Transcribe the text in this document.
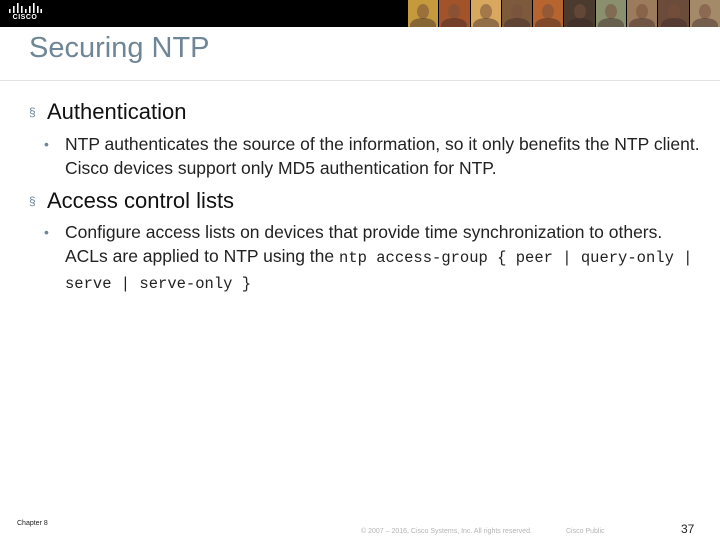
CISCO
Securing NTP
§ Authentication
• NTP authenticates the source of the information, so it only benefits the NTP client. Cisco devices support only MD5 authentication for NTP.
§ Access control lists
• Configure access lists on devices that provide time synchronization to others. ACLs are applied to NTP using the ntp access-group { peer | query-only | serve | serve-only }
Chapter 8
© 2007 – 2016, Cisco Systems, Inc. All rights reserved.	Cisco Public	37
